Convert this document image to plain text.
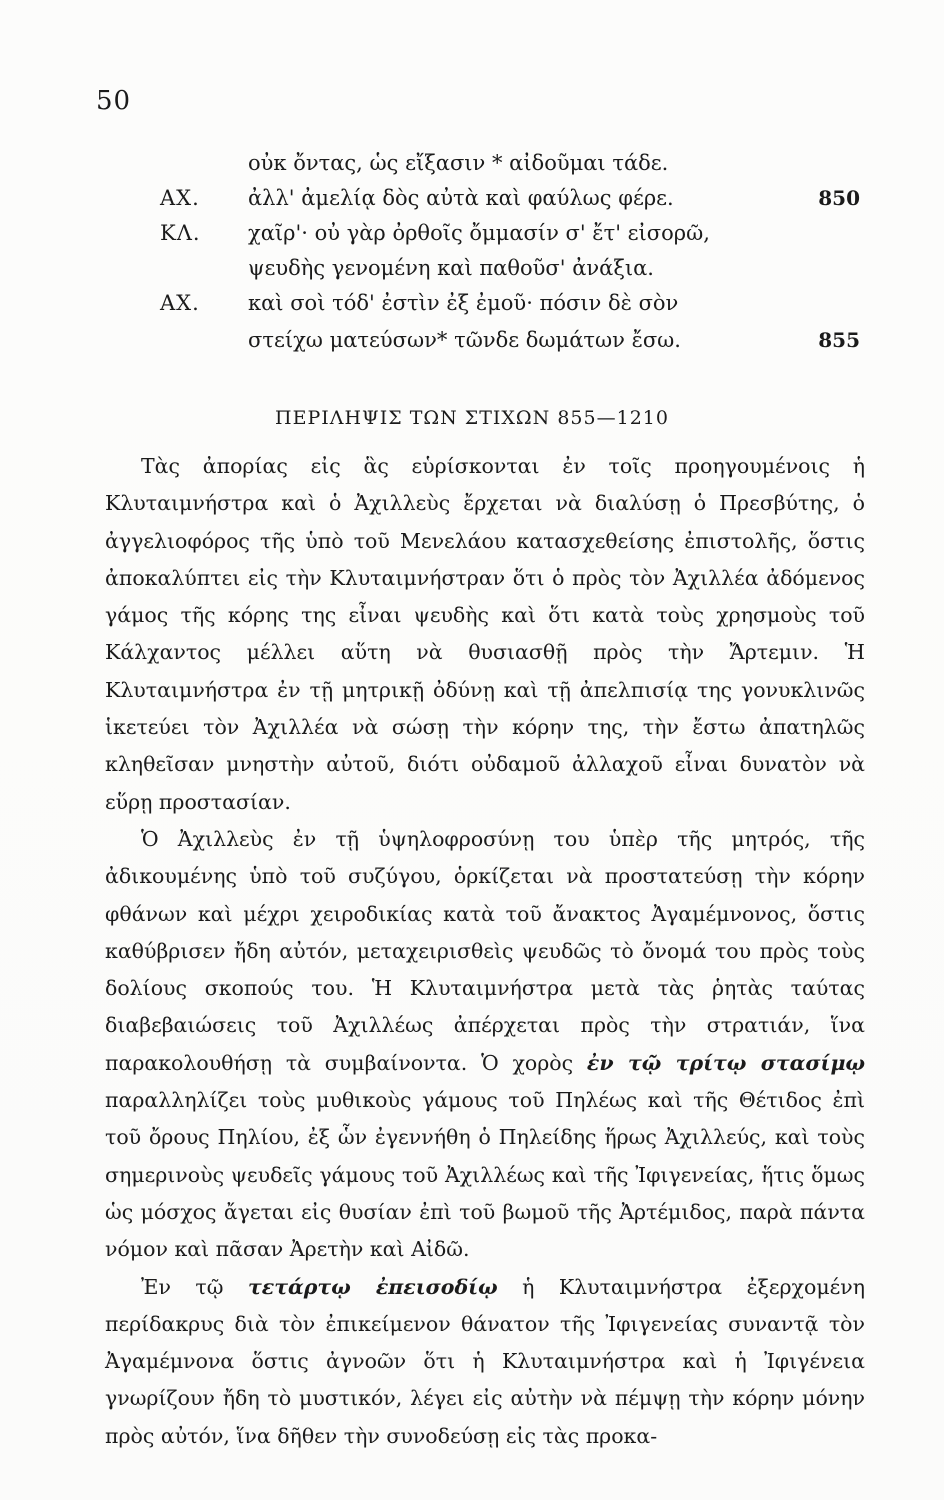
50
οὐκ ὄντας, ὡς εἴξασιν * αἰδοῦμαι τάδε.
ΑΧ.	ἀλλ' ἀμελίᾳ δὸς αὐτὰ καὶ φαύλως φέρε.	850
ΚΛ.	χαῖρ'· οὐ γὰρ ὀρθοῖς ὄμμασίν σ' ἔτ' εἰσορῶ,
ψευδὴς γενομένη καὶ παθοῦσ' ἀνάξια.
ΑΧ.	καὶ σοὶ τόδ' ἐστὶν ἐξ ἐμοῦ· πόσιν δὲ σὸν
στείχω ματεύσων* τῶνδε δωμάτων ἔσω.	855
ΠΕΡΙΛΗΨΙΣ ΤΩΝ ΣΤΙΧΩΝ 855—1210

Τὰς ἀπορίας εἰς ἃς εὑρίσκονται ἐν τοῖς προηγουμένοις ἡ Κλυταιμνήστρα καὶ ὁ Ἀχιλλεὺς ἔρχεται νὰ διαλύσῃ ὁ Πρεσβύτης, ὁ ἀγγελιοφόρος τῆς ὑπὸ τοῦ Μενελάου κατασχεθείσης ἐπιστολῆς, ὅστις ἀποκαλύπτει εἰς τὴν Κλυταιμνήστραν ὅτι ὁ πρὸς τὸν Ἀχιλλέα ἀδόμενος γάμος τῆς κόρης της εἶναι ψευδὴς καὶ ὅτι κατὰ τοὺς χρησμοὺς τοῦ Κάλχαντος μέλλει αὕτη νὰ θυσιασθῇ πρὸς τὴν Ἄρτεμιν. Ἡ Κλυταιμνήστρα ἐν τῇ μητρικῇ ὀδύνῃ καὶ τῇ ἀπελπισίᾳ της γονυκλινῶς ἱκετεύει τὸν Ἀχιλλέα νὰ σώσῃ τὴν κόρην της, τὴν ἔστω ἀπατηλῶς κληθεῖσαν μνηστὴν αὐτοῦ, διότι οὐδαμοῦ ἀλλαχοῦ εἶναι δυνατὸν νὰ εὕρῃ προστασίαν.

Ὁ Ἀχιλλεὺς ἐν τῇ ὑψηλοφροσύνῃ του ὑπὲρ τῆς μητρός, τῆς ἀδικουμένης ὑπὸ τοῦ συζύγου, ὁρκίζεται νὰ προστατεύσῃ τὴν κόρην φθάνων καὶ μέχρι χειροδικίας κατὰ τοῦ ἄνακτος Ἀγαμέμνονος, ὅστις καθύβρισεν ἤδη αὐτόν, μεταχειρισθεὶς ψευδῶς τὸ ὄνομά του πρὸς τοὺς δολίους σκοπούς του. Ἡ Κλυταιμνήστρα μετὰ τὰς ῥητὰς ταύτας διαβεβαιώσεις τοῦ Ἀχιλλέως ἀπέρχεται πρὸς τὴν στρατιάν, ἵνα παρακολουθήσῃ τὰ συμβαίνοντα. Ὁ χορὸς ἐν τῷ τρίτῳ στασίμῳ παραλληλίζει τοὺς μυθικοὺς γάμους τοῦ Πηλέως καὶ τῆς Θέτιδος ἐπὶ τοῦ ὄρους Πηλίου, ἐξ ὧν ἐγεννήθη ὁ Πηλείδης ἥρως Ἀχιλλεύς, καὶ τοὺς σημερινοὺς ψευδεῖς γάμους τοῦ Ἀχιλλέως καὶ τῆς Ἰφιγενείας, ἥτις ὅμως ὡς μόσχος ἄγεται εἰς θυσίαν ἐπὶ τοῦ βωμοῦ τῆς Ἀρτέμιδος, παρὰ πάντα νόμον καὶ πᾶσαν Ἀρετὴν καὶ Αἰδῶ.

Ἐν τῷ τετάρτῳ ἐπεισοδίῳ ἡ Κλυταιμνήστρα ἐξερχομένη περίδακρυς διὰ τὸν ἐπικείμενον θάνατον τῆς Ἰφιγενείας συναντᾷ τὸν Ἀγαμέμνονα ὅστις ἀγνοῶν ὅτι ἡ Κλυταιμνήστρα καὶ ἡ Ἰφιγένεια γνωρίζουν ἤδη τὸ μυστικόν, λέγει εἰς αὐτὴν νὰ πέμψῃ τὴν κόρην μόνην πρὸς αὐτόν, ἵνα δῆθεν τὴν συνοδεύσῃ εἰς τὰς προκα-
